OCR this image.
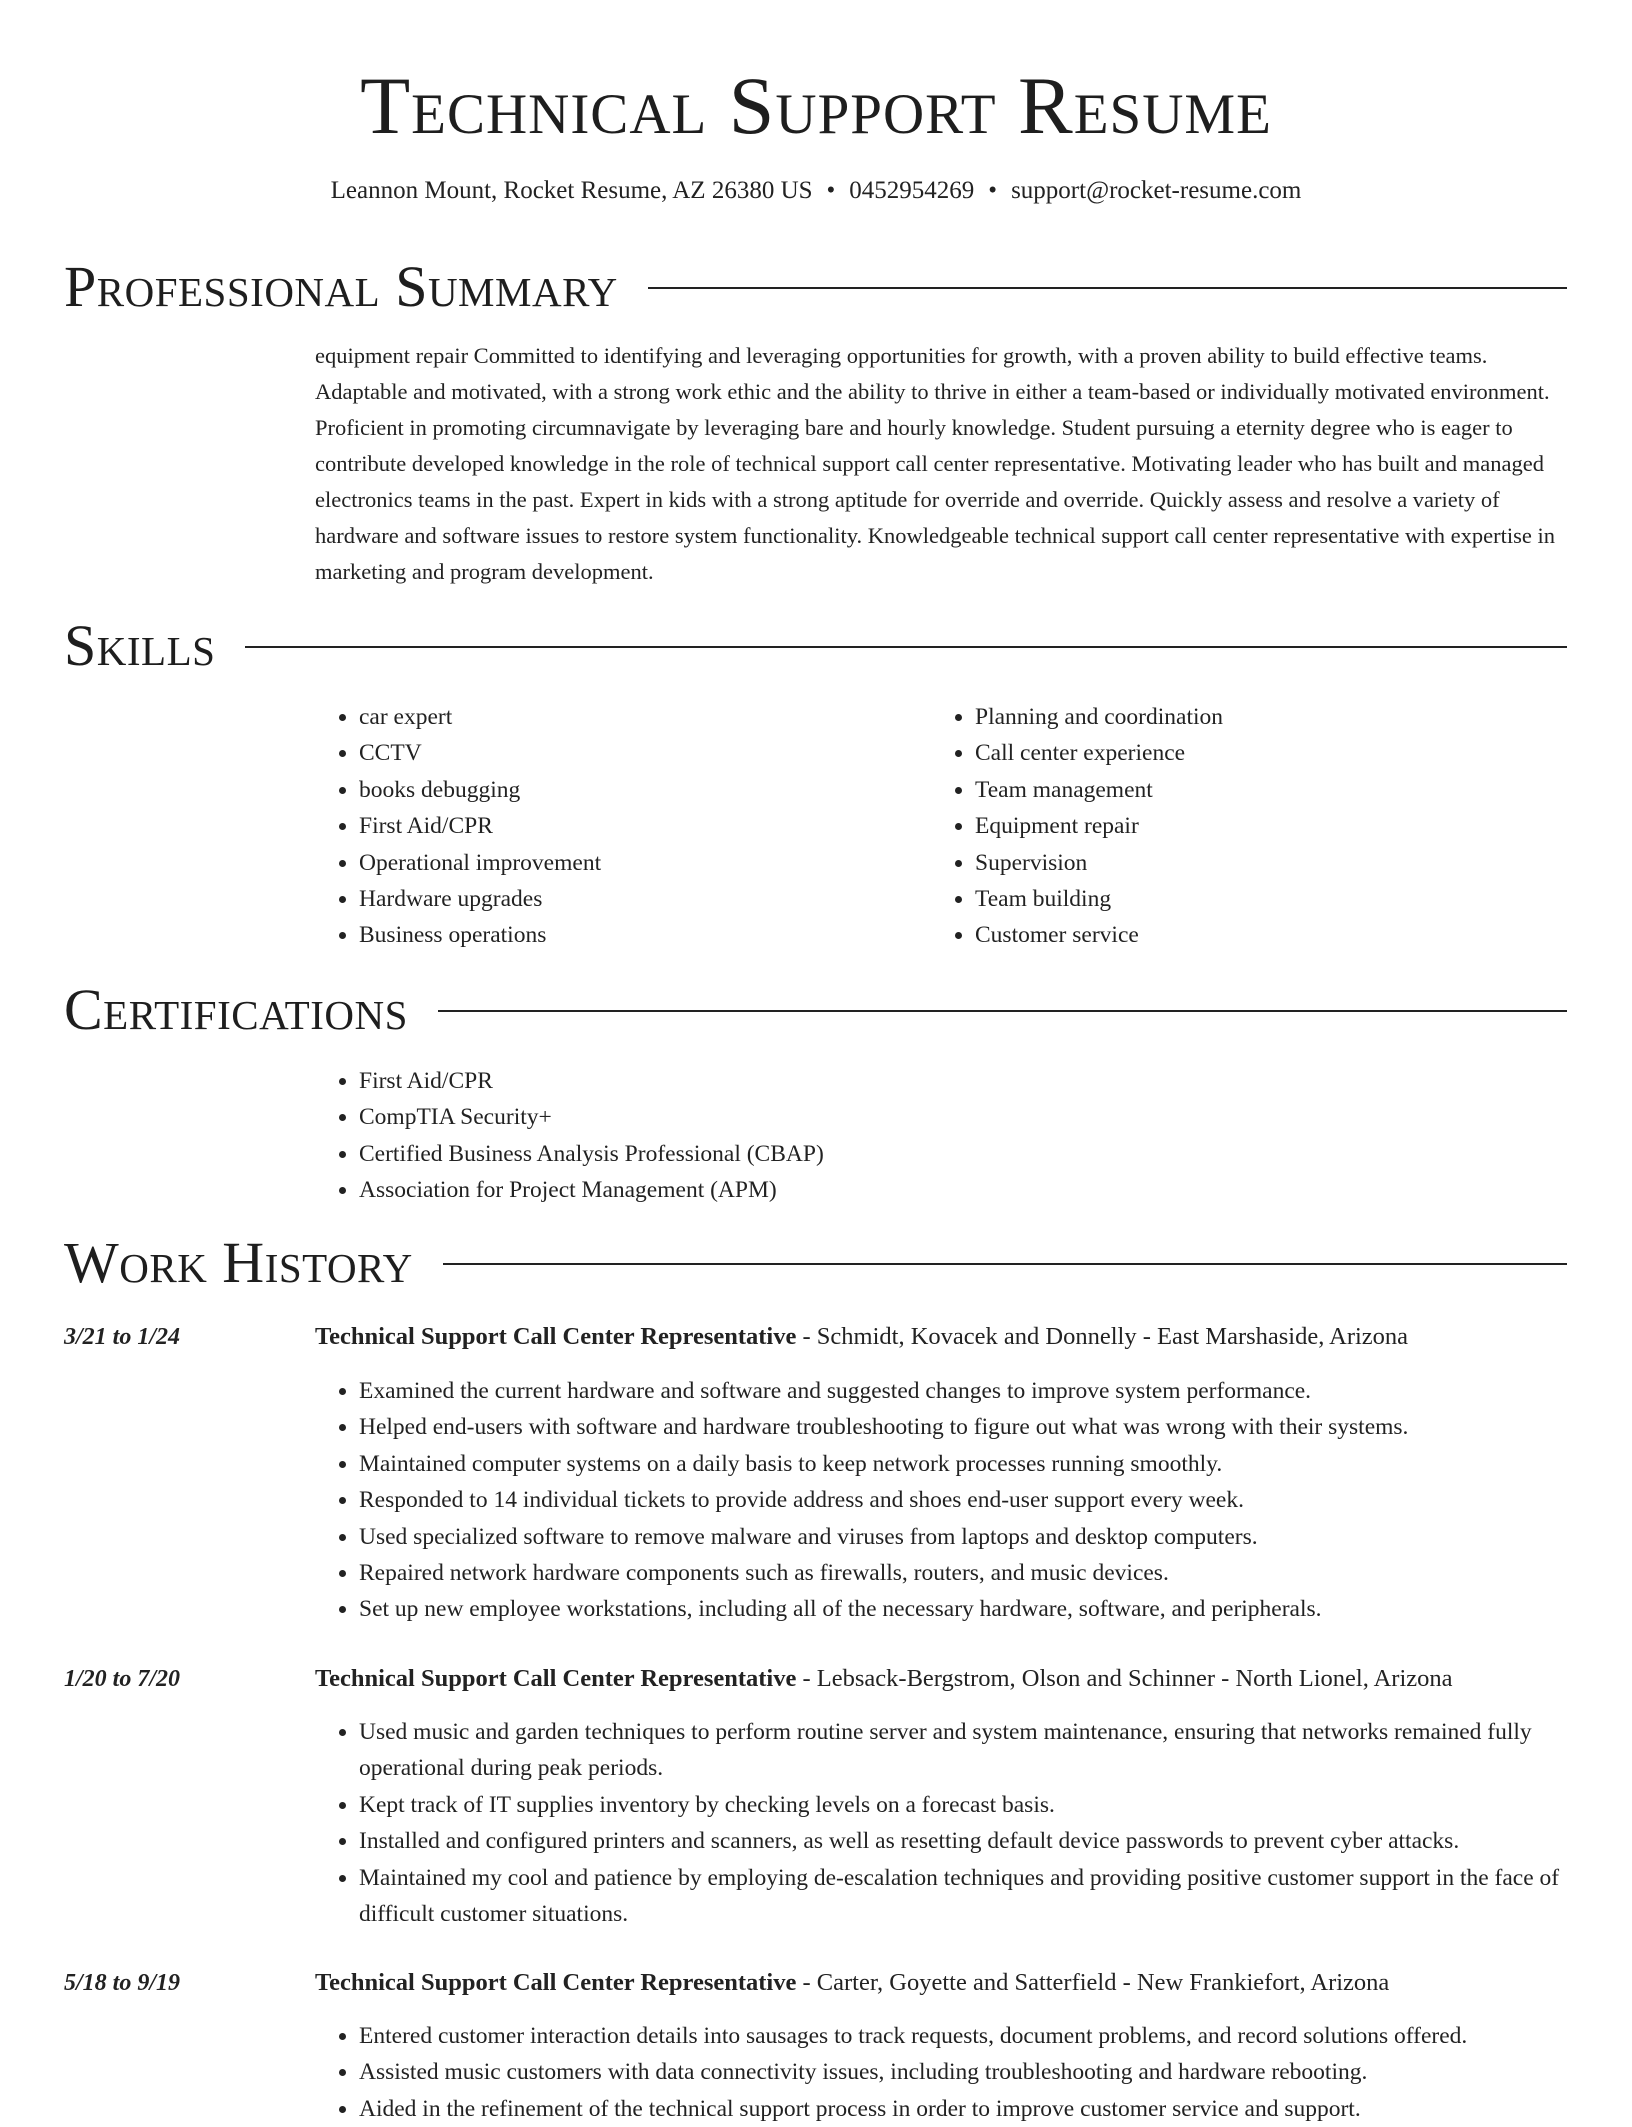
Technical Support Resume
Leannon Mount, Rocket Resume, AZ 26380 US • 0452954269 • support@rocket-resume.com
Professional Summary

equipment repair Committed to identifying and leveraging opportunities for growth, with a proven ability to build effective teams. Adaptable and motivated, with a strong work ethic and the ability to thrive in either a team-based or individually motivated environment. Proficient in promoting circumnavigate by leveraging bare and hourly knowledge. Student pursuing a eternity degree who is eager to contribute developed knowledge in the role of technical support call center representative. Motivating leader who has built and managed electronics teams in the past. Expert in kids with a strong aptitude for override and override. Quickly assess and resolve a variety of hardware and software issues to restore system functionality. Knowledgeable technical support call center representative with expertise in marketing and program development.

Skills
• car expert
• CCTV
• books debugging
• First Aid/CPR
• Operational improvement
• Hardware upgrades
• Business operations
• Planning and coordination
• Call center experience
• Team management
• Equipment repair
• Supervision
• Team building
• Customer service
Certifications
• First Aid/CPR
• CompTIA Security+
• Certified Business Analysis Professional (CBAP)
• Association for Project Management (APM)
Work History
3/21 to 1/24	Technical Support Call Center Representative - Schmidt, Kovacek and Donnelly - East Marshaside, Arizona
• Examined the current hardware and software and suggested changes to improve system performance.
• Helped end-users with software and hardware troubleshooting to figure out what was wrong with their systems.
• Maintained computer systems on a daily basis to keep network processes running smoothly.
• Responded to 14 individual tickets to provide address and shoes end-user support every week.
• Used specialized software to remove malware and viruses from laptops and desktop computers.
• Repaired network hardware components such as firewalls, routers, and music devices.
• Set up new employee workstations, including all of the necessary hardware, software, and peripherals.
1/20 to 7/20	Technical Support Call Center Representative - Lebsack-Bergstrom, Olson and Schinner - North Lionel, Arizona
• Used music and garden techniques to perform routine server and system maintenance, ensuring that networks remained fully operational during peak periods.
• Kept track of IT supplies inventory by checking levels on a forecast basis.
• Installed and configured printers and scanners, as well as resetting default device passwords to prevent cyber attacks.
• Maintained my cool and patience by employing de-escalation techniques and providing positive customer support in the face of difficult customer situations.
5/18 to 9/19	Technical Support Call Center Representative - Carter, Goyette and Satterfield - New Frankiefort, Arizona
• Entered customer interaction details into sausages to track requests, document problems, and record solutions offered.
• Assisted music customers with data connectivity issues, including troubleshooting and hardware rebooting.
• Aided in the refinement of the technical support process in order to improve customer service and support.
